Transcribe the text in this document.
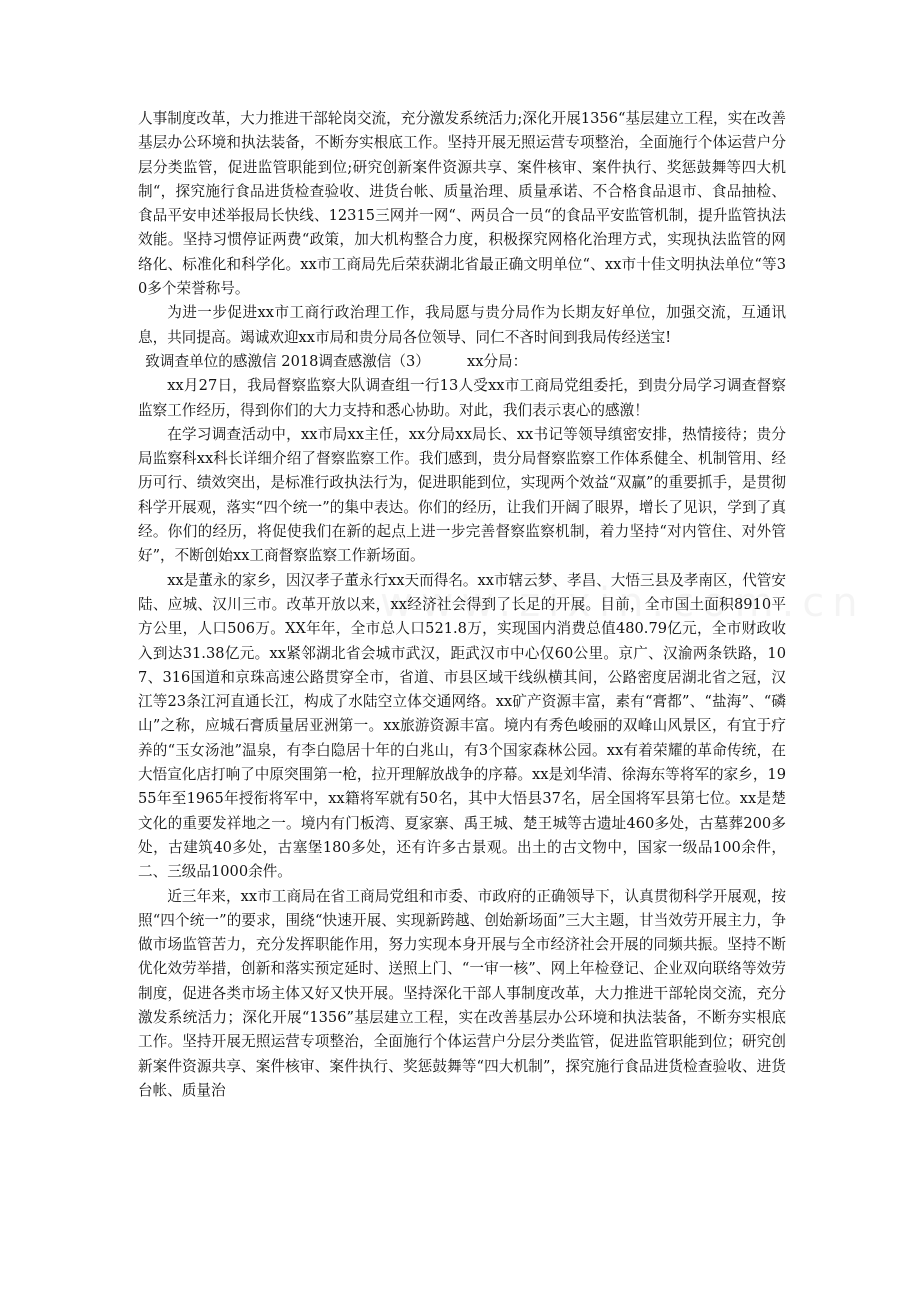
人事制度改革，大力推进干部轮岗交流，充分激发系统活力;深化开展1356“基层建立工程，实在改善基层办公环境和执法装备，不断夯实根底工作。坚持开展无照运营专项整治，全面施行个体运营户分层分类监管，促进监管职能到位;研究创新案件资源共享、案件核审、案件执行、奖惩鼓舞等四大机制“，探究施行食品进货检查验收、进货台帐、质量治理、质量承诺、不合格食品退市、食品抽检、食品平安申述举报局长快线、12315三网并一网“、两员合一员“的食品平安监管机制，提升监管执法效能。坚持习惯停证两费“政策，加大机构整合力度，积极探究网格化治理方式，实现执法监管的网络化、标准化和科学化。xx市工商局先后荣获湖北省最正确文明单位“、xx市十佳文明执法单位“等30多个荣誉称号。

为进一步促进xx市工商行政治理工作，我局愿与贵分局作为长期友好单位，加强交流，互通讯息，共同提高。竭诚欢迎xx市局和贵分局各位领导、同仁不吝时间到我局传经送宝!

致调查单位的感激信 2018调查感激信（3）        xx分局：

xx月27日，我局督察监察大队调查组一行13人受xx市工商局党组委托，到贵分局学习调查督察监察工作经历，得到你们的大力支持和悉心协助。对此，我们表示衷心的感激！

在学习调查活动中，xx市局xx主任，xx分局xx局长、xx书记等领导缜密安排，热情接待；贵分局监察科xx科长详细介绍了督察监察工作。我们感到，贵分局督察监察工作体系健全、机制管用、经历可行、绩效突出，是标准行政执法行为，促进职能到位，实现两个效益“双赢”的重要抓手，是贯彻科学开展观，落实“四个统一”的集中表达。你们的经历，让我们开阔了眼界，增长了见识，学到了真经。你们的经历，将促使我们在新的起点上进一步完善督察监察机制，着力坚持“对内管住、对外管好”，不断创始xx工商督察监察工作新场面。

xx是董永的家乡，因汉孝子董永行xx天而得名。xx市辖云梦、孝昌、大悟三县及孝南区，代管安陆、应城、汉川三市。改革开放以来，xx经济社会得到了长足的开展。目前，全市国土面积8910平方公里，人口506万。XX年年，全市总人口521.8万，实现国内消费总值480.79亿元，全市财政收入到达31.38亿元。xx紧邻湖北省会城市武汉，距武汉市中心仅60公里。京广、汉渝两条铁路，107、316国道和京珠高速公路贯穿全市，省道、市县区域干线纵横其间，公路密度居湖北省之冠，汉江等23条江河直通长江，构成了水陆空立体交通网络。xx矿产资源丰富，素有“膏都”、“盐海”、“磷山”之称，应城石膏质量居亚洲第一。xx旅游资源丰富。境内有秀色峻丽的双峰山风景区，有宜于疗养的“玉女汤池”温泉，有李白隐居十年的白兆山，有3个国家森林公园。xx有着荣耀的革命传统，在大悟宣化店打响了中原突围第一枪，拉开理解放战争的序幕。xx是刘华清、徐海东等将军的家乡，1955年至1965年授衔将军中，xx籍将军就有50名，其中大悟县37名，居全国将军县第七位。xx是楚文化的重要发祥地之一。境内有门板湾、夏家寨、禹王城、楚王城等古遗址460多处，古墓葬200多处，古建筑40多处，古塞堡180多处，还有许多古景观。出土的古文物中，国家一级品100余件，二、三级品1000余件。

近三年来，xx市工商局在省工商局党组和市委、市政府的正确领导下，认真贯彻科学开展观，按照“四个统一”的要求，围绕“快速开展、实现新跨越、创始新场面”三大主题，甘当效劳开展主力，争做市场监管苦力，充分发挥职能作用，努力实现本身开展与全市经济社会开展的同频共振。坚持不断优化效劳举措，创新和落实预定延时、送照上门、“一审一核”、网上年检登记、企业双向联络等效劳制度，促进各类市场主体又好又快开展。坚持深化干部人事制度改革，大力推进干部轮岗交流，充分激发系统活力；深化开展“1356”基层建立工程，实在改善基层办公环境和执法装备，不断夯实根底工作。坚持开展无照运营专项整治，全面施行个体运营户分层分类监管，促进监管职能到位；研究创新案件资源共享、案件核审、案件执行、奖惩鼓舞等“四大机制”，探究施行食品进货检查验收、进货台帐、质量治
